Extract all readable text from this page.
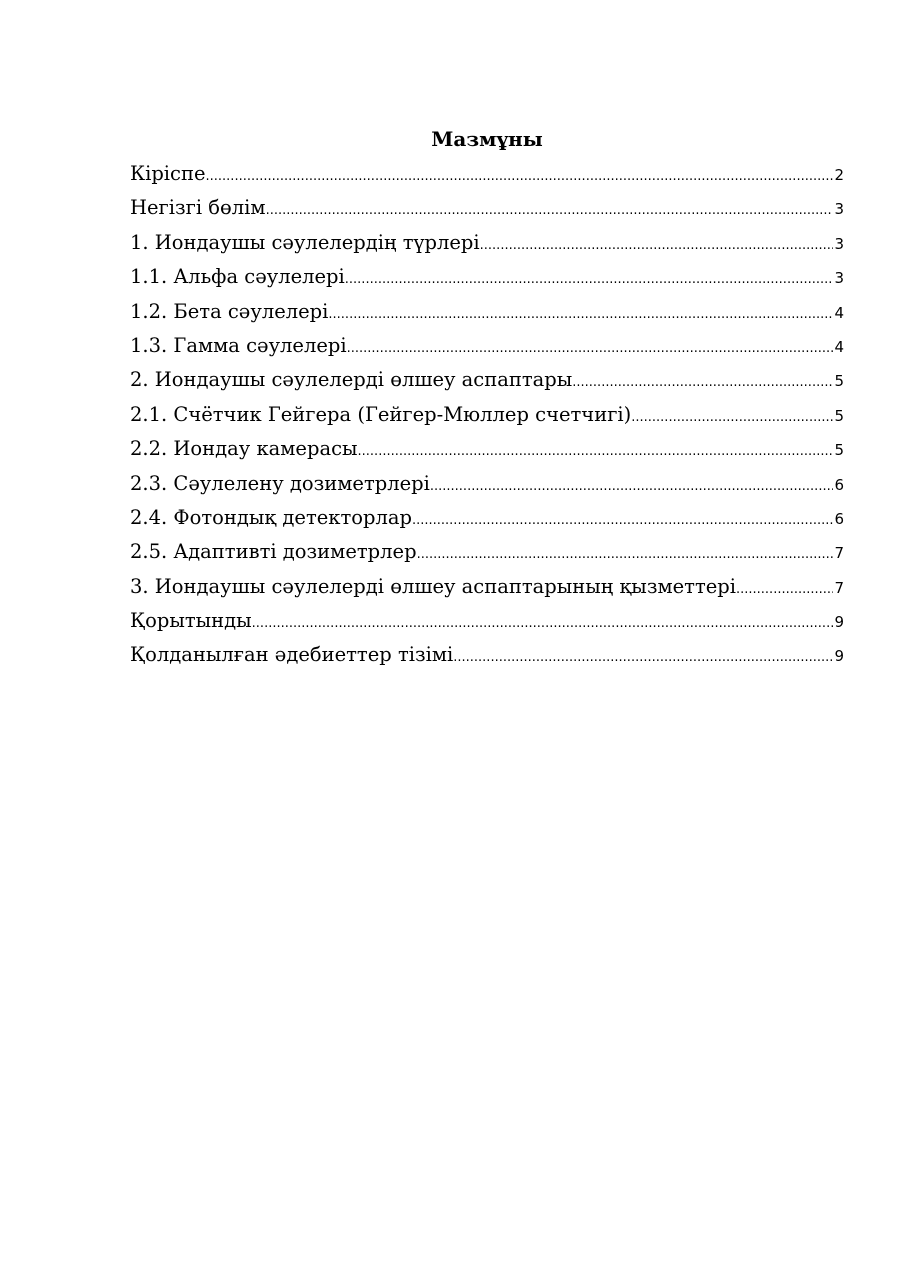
Мазмұны
Кіріспе .....	2
Негізгі бөлім .....	3
1. Иондаушы сәулелердің түрлері .....	3
1.1. Альфа сәулелері .....	3
1.2. Бета сәулелері .....	4
1.3. Гамма сәулелері .....	4
2. Иондаушы сәулелерді өлшеу аспаптары .....	5
2.1. Счётчик Гейгера (Гейгер-Мюллер счетчигі) .....	5
2.2. Иондау камерасы .....	5
2.3. Сәулелену дозиметрлері .....	6
2.4. Фотондық детекторлар .....	6
2.5. Адаптивті дозиметрлер .....	7
3. Иондаушы сәулелерді өлшеу аспаптарының қызметтері .....	7
Қорытынды .....	9
Қолданылған әдебиеттер тізімі .....	9
